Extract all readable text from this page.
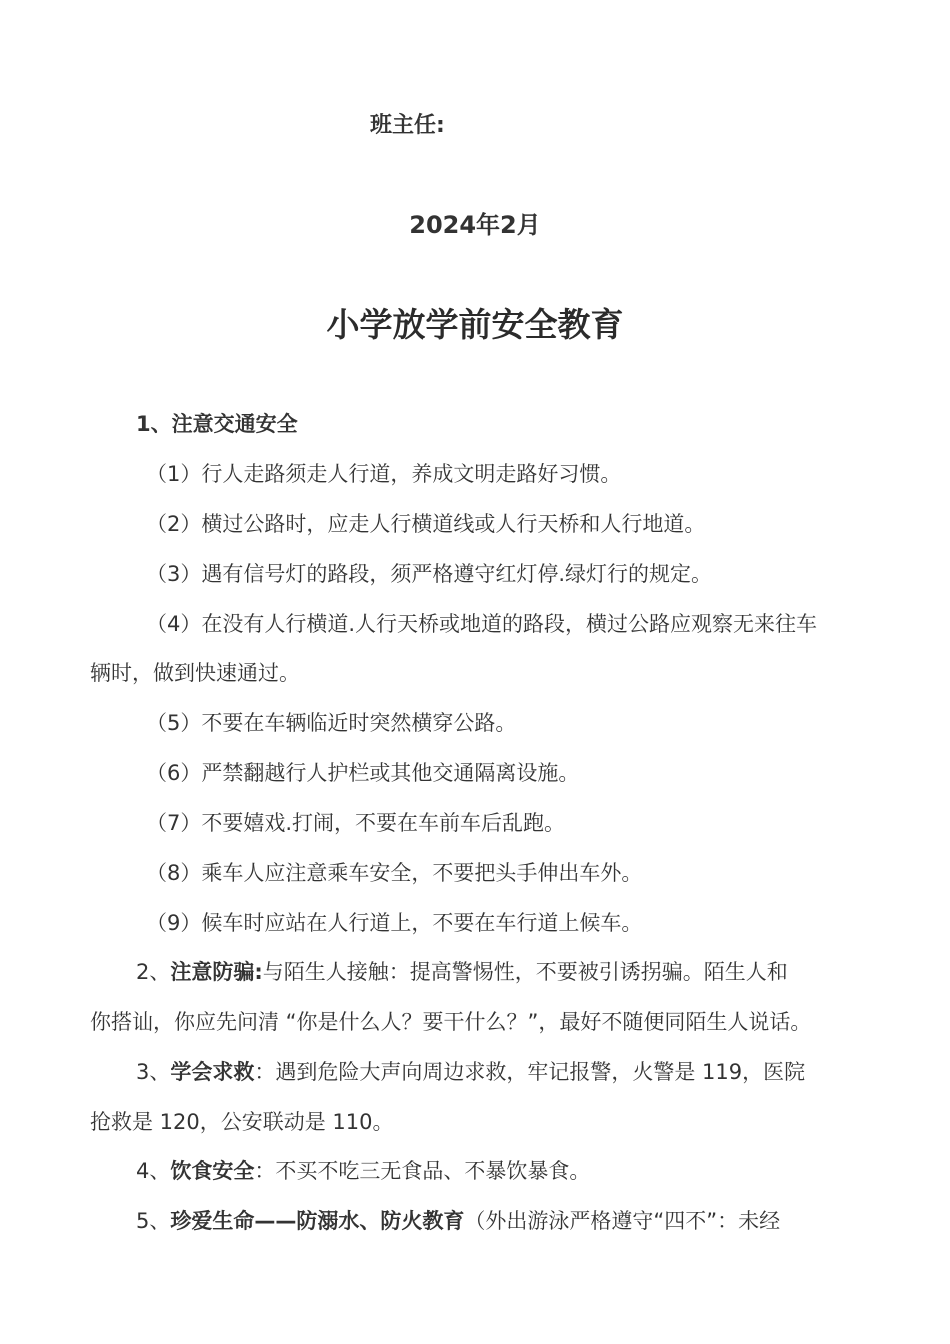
班主任:
2024年2月
小学放学前安全教育
1、注意交通安全
（1）行人走路须走人行道，养成文明走路好习惯。
（2）横过公路时，应走人行横道线或人行天桥和人行地道。
（3）遇有信号灯的路段，须严格遵守红灯停.绿灯行的规定。
（4）在没有人行横道.人行天桥或地道的路段，横过公路应观察无来往车
辆时，做到快速通过。
（5）不要在车辆临近时突然横穿公路。
（6）严禁翻越行人护栏或其他交通隔离设施。
（7）不要嬉戏.打闹，不要在车前车后乱跑。
（8）乘车人应注意乘车安全，不要把头手伸出车外。
（9）候车时应站在人行道上，不要在车行道上候车。
2、注意防骗:与陌生人接触：提高警惕性，不要被引诱拐骗。陌生人和
你搭讪，你应先问清 “你是什么人？要干什么？”，最好不随便同陌生人说话。
3、学会求救：遇到危险大声向周边求救，牢记报警，火警是 119，医院
抢救是 120，公安联动是 110。
4、饮食安全：不买不吃三无食品、不暴饮暴食。
5、珍爱生命——防溺水、防火教育（外出游泳严格遵守“四不”：未经
